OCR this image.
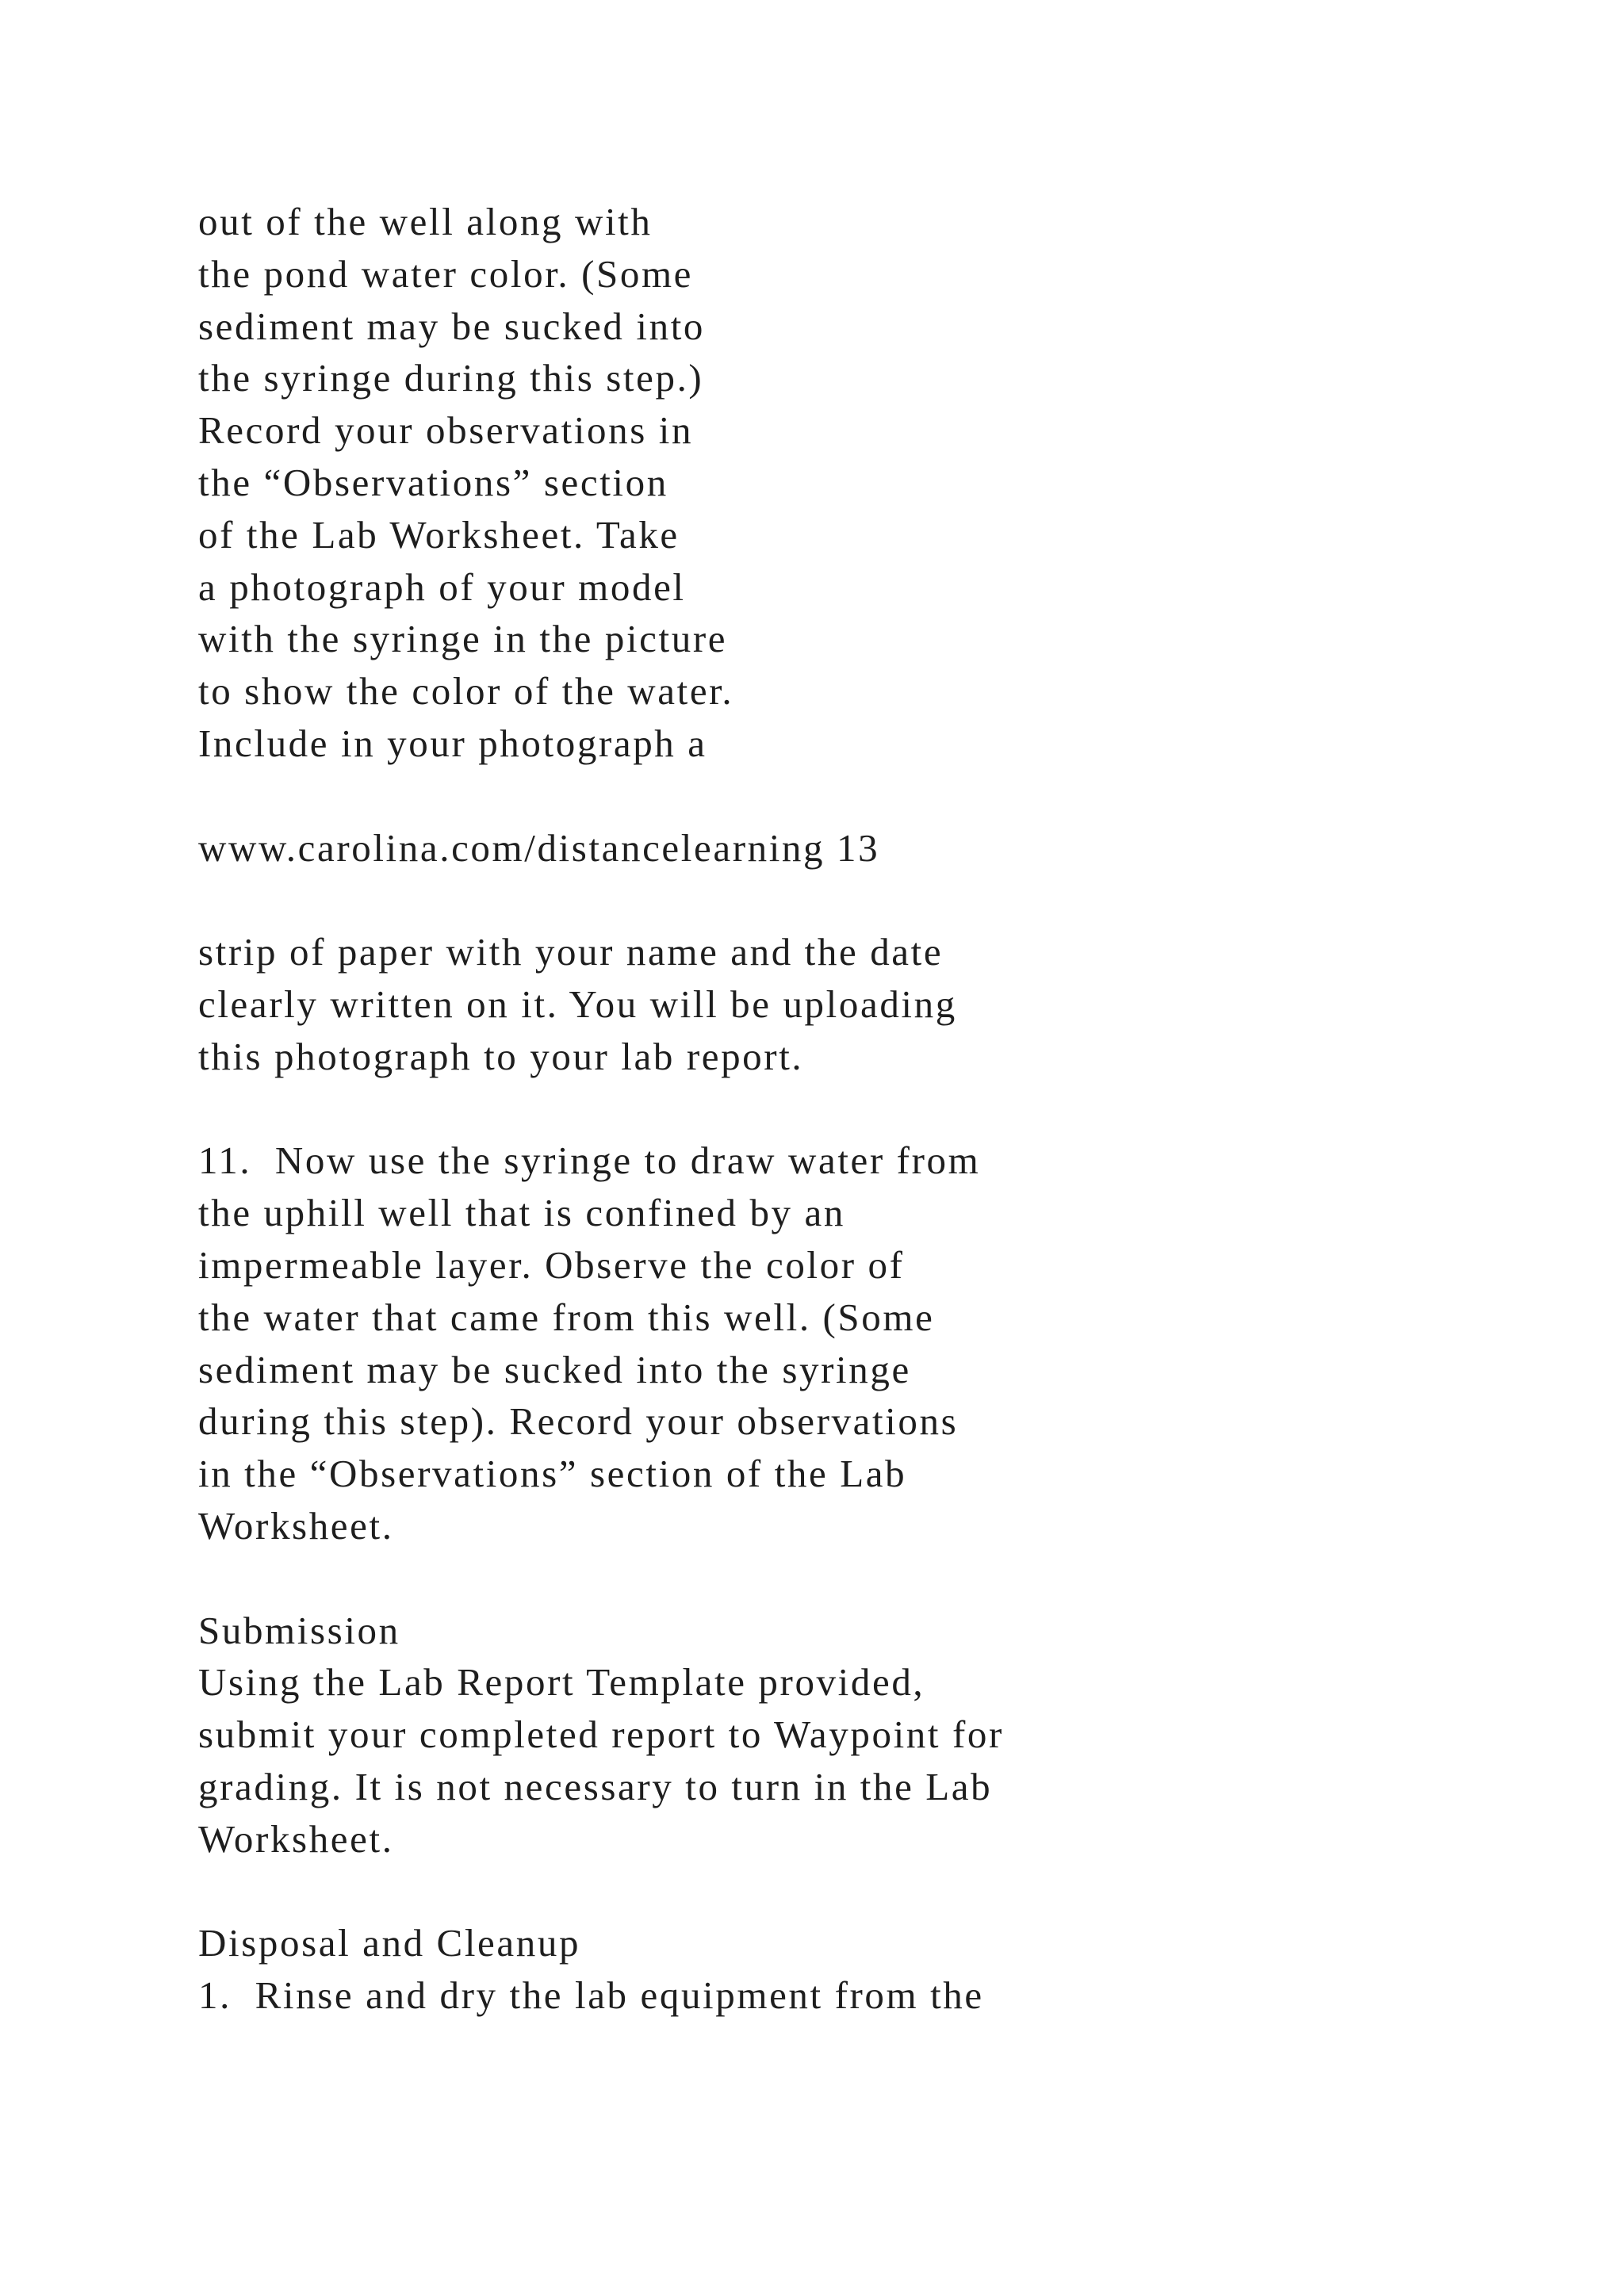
out of the well along with
the pond water color. (Some
sediment may be sucked into
the syringe during this step.)
Record your observations in
the “Observations” section
of the Lab Worksheet. Take
a photograph of your model
with the syringe in the picture
to show the color of the water.
Include in your photograph a
www.carolina.com/distancelearning 13
strip of paper with your name and the date
clearly written on it. You will be uploading
this photograph to your lab report.
11.  Now use the syringe to draw water from
the uphill well that is confined by an
impermeable layer. Observe the color of
the water that came from this well. (Some
sediment may be sucked into the syringe
during this step). Record your observations
in the “Observations” section of the Lab
Worksheet.
Submission
Using the Lab Report Template provided,
submit your completed report to Waypoint for
grading. It is not necessary to turn in the Lab
Worksheet.
Disposal and Cleanup
1.  Rinse and dry the lab equipment from the
